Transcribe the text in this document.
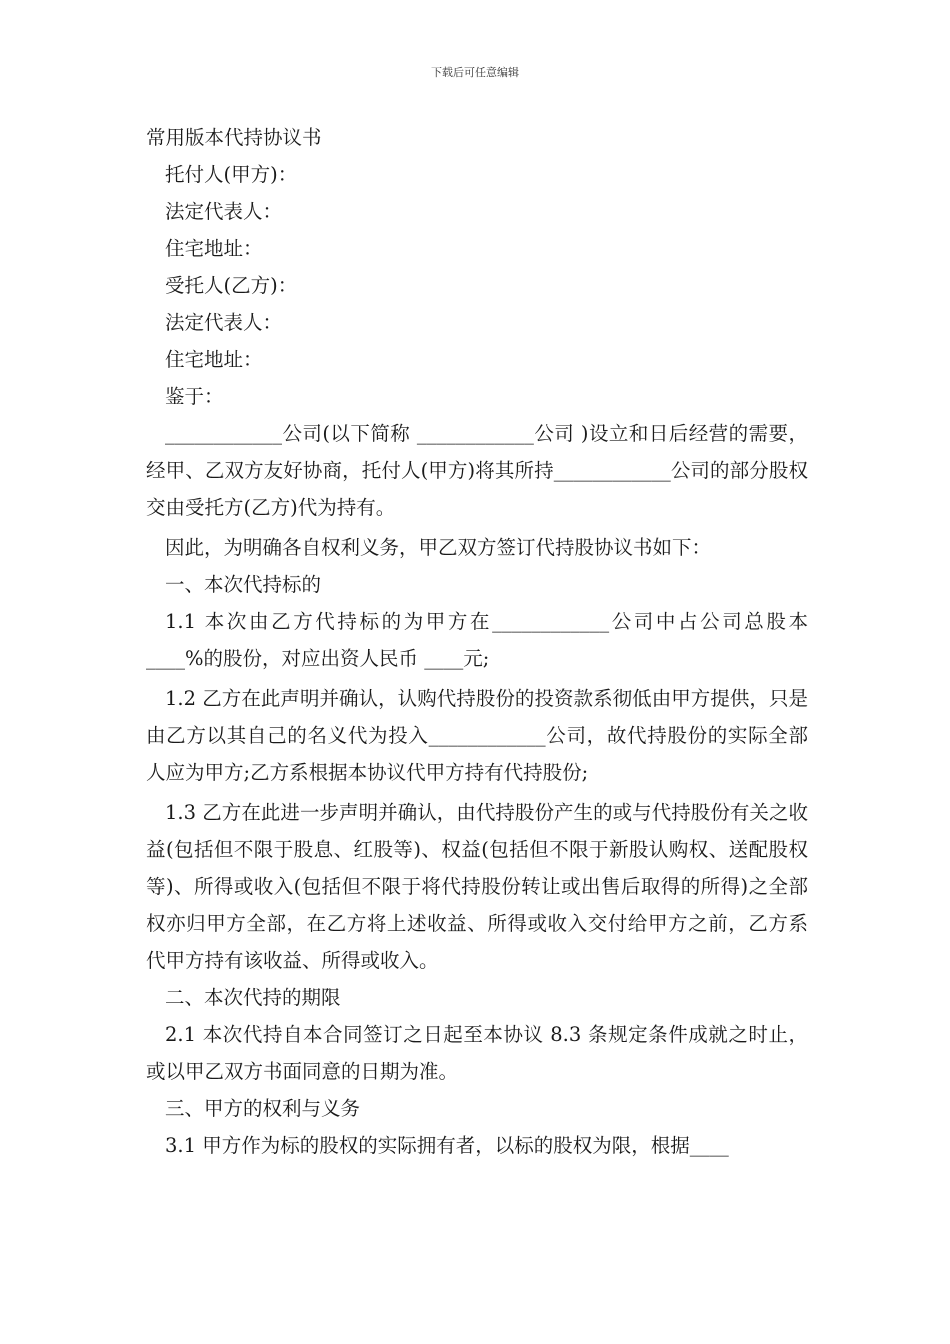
下载后可任意编辑
常用版本代持协议书
托付人(甲方)：
法定代表人：
住宅地址：
受托人(乙方)：
法定代表人：
住宅地址：
鉴于：

____________公司(以下简称 ____________公司 )设立和日后经营的需要，经甲、乙双方友好协商，托付人(甲方)将其所持____________公司的部分股权交由受托方(乙方)代为持有。

因此，为明确各自权利义务，甲乙双方签订代持股协议书如下：

一、本次代持标的

1.1 本次由乙方代持标的为甲方在____________公司中占公司总股本 ____%的股份，对应出资人民币 ____元;

1.2 乙方在此声明并确认，认购代持股份的投资款系彻低由甲方提供，只是由乙方以其自己的名义代为投入____________公司，故代持股份的实际全部人应为甲方;乙方系根据本协议代甲方持有代持股份;

1.3 乙方在此进一步声明并确认，由代持股份产生的或与代持股份有关之收益(包括但不限于股息、红股等)、权益(包括但不限于新股认购权、送配股权等)、所得或收入(包括但不限于将代持股份转让或出售后取得的所得)之全部权亦归甲方全部，在乙方将上述收益、所得或收入交付给甲方之前，乙方系代甲方持有该收益、所得或收入。

二、本次代持的期限

2.1 本次代持自本合同签订之日起至本协议 8.3 条规定条件成就之时止，或以甲乙双方书面同意的日期为准。

三、甲方的权利与义务

3.1 甲方作为标的股权的实际拥有者，以标的股权为限，根据____
